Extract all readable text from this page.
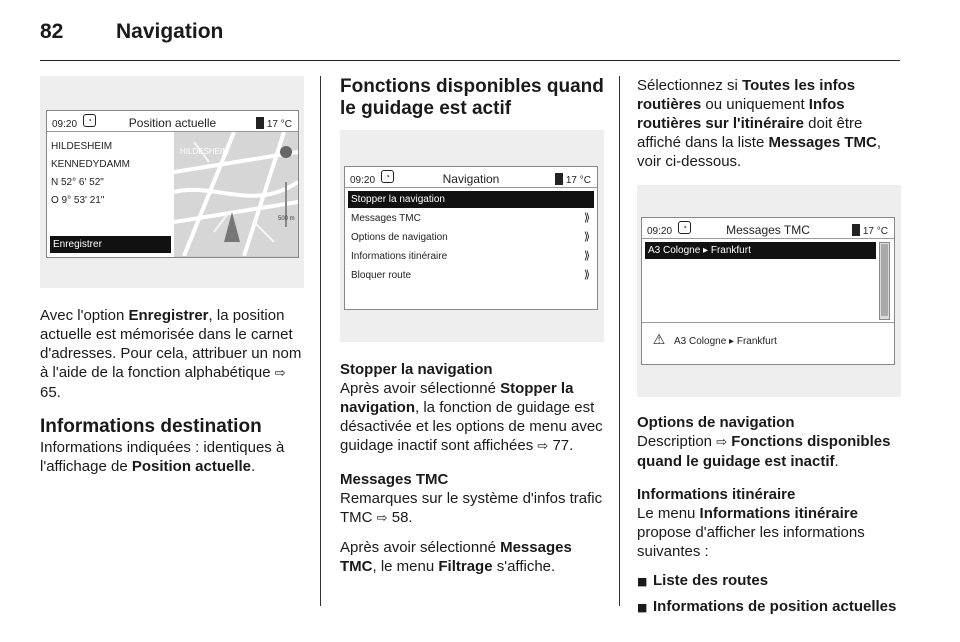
82	Navigation
09:20	◔	Position actuelle	17 °C
HILDESHEIM
KENNEDYDAMM
N 52° 6' 52"
O 9° 53' 21"
Enregistrer
HILDESHEIM
500 m

Avec l'option Enregistrer, la position actuelle est mémorisée dans le carnet d'adresses. Pour cela, attribuer un nom à l'aide de la fonction alphabétique ⇨ 65.

Informations destination

Informations indiquées : identiques à l'affichage de Position actuelle.

Fonctions disponibles quand le guidage est actif
09:20	◔	Navigation	17 °C
Stopper la navigation
Messages TMC	⟫
Options de navigation	⟫
Informations itinéraire	⟫
Bloquer route	⟫
Stopper la navigation

Après avoir sélectionné Stopper la navigation, la fonction de guidage est désactivée et les options de menu avec guidage inactif sont affichées ⇨ 77.

Messages TMC

Remarques sur le système d'infos trafic TMC ⇨ 58.

Après avoir sélectionné Messages TMC, le menu Filtrage s'affiche.

Sélectionnez si Toutes les infos routières ou uniquement Infos routières sur l'itinéraire doit être affiché dans la liste Messages TMC, voir ci-dessous.

09:20	◔	Messages TMC	17 °C
A3 Cologne ▸ Frankfurt
⚠ A3 Cologne ▸ Frankfurt
Options de navigation

Description ⇨ Fonctions disponibles quand le guidage est inactif.

Informations itinéraire

Le menu Informations itinéraire propose d'afficher les informations suivantes :

■ Liste des routes
■ Informations de position actuelles
